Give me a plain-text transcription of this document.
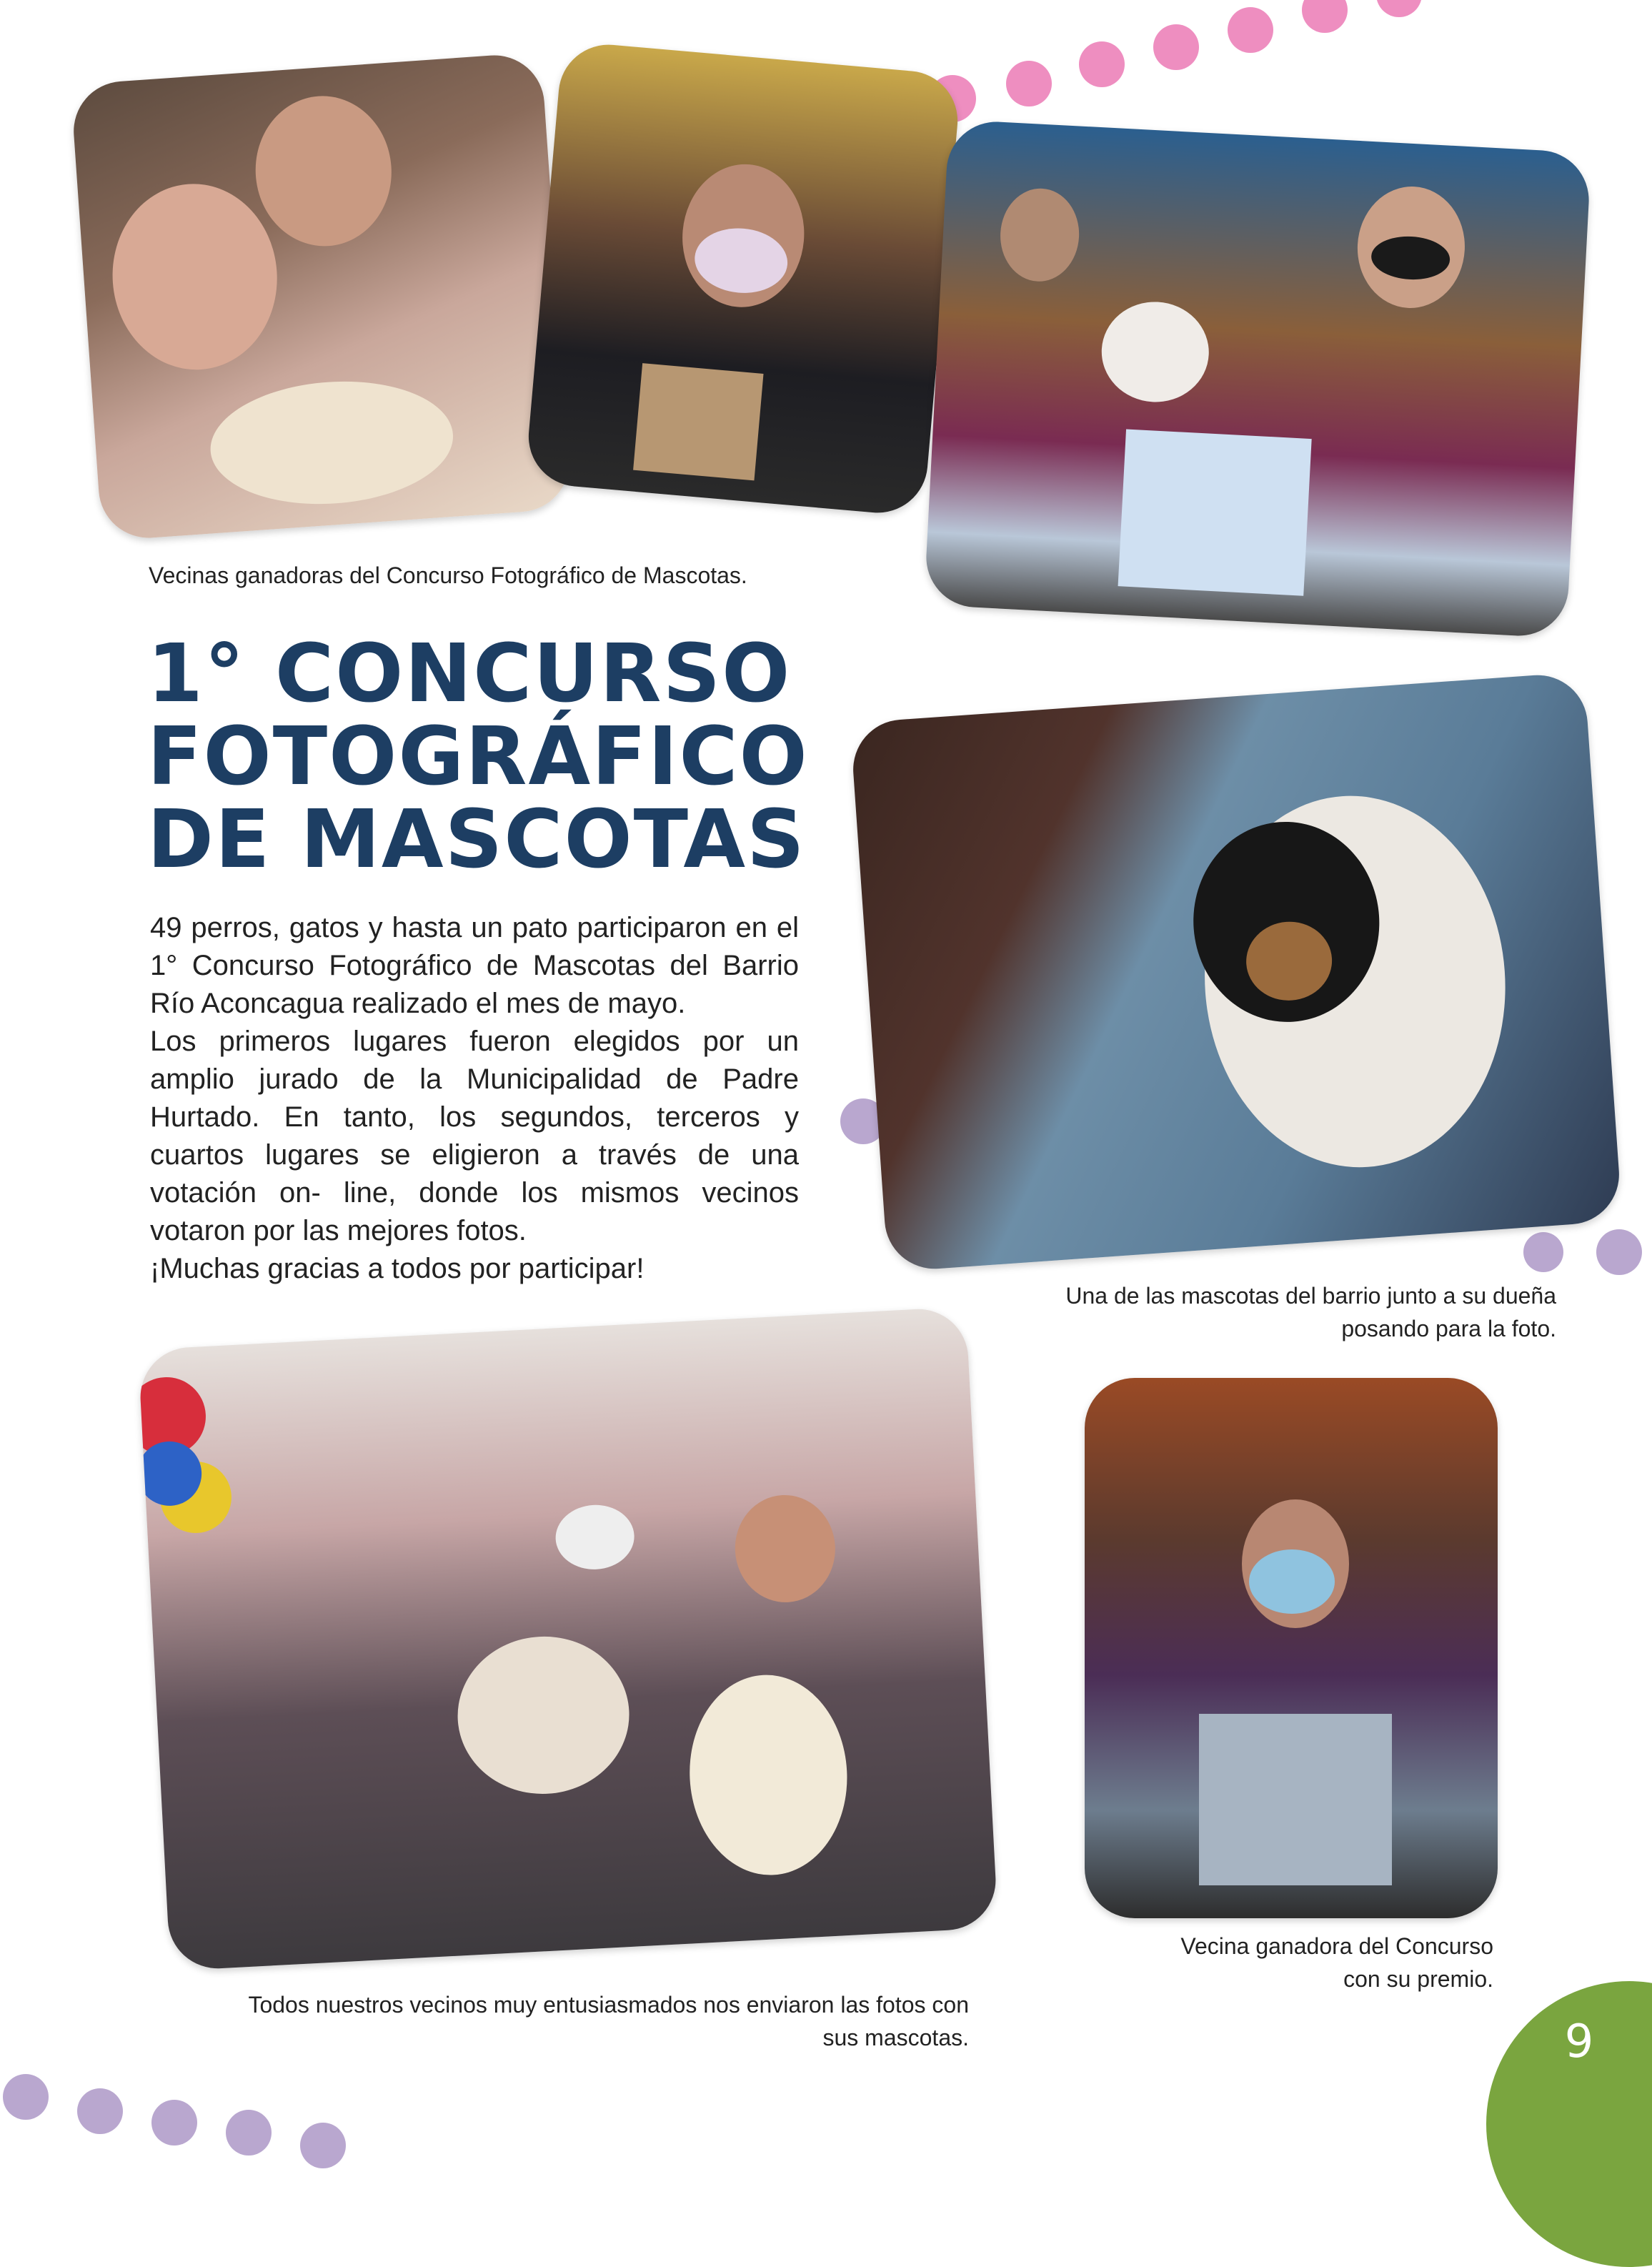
Vecinas ganadoras del Concurso Fotográfico de Mascotas.
Una de las mascotas del barrio junto a su dueña
posando para la foto.
Vecina ganadora del Concurso
con su premio.
Todos nuestros vecinos muy entusiasmados nos enviaron las fotos con
sus mascotas.
1° CONCURSO
FOTOGRÁFICO
DE MASCOTAS

49 perros, gatos y hasta un pato participaron en el 1° Concurso Fotográfico de Mascotas del Barrio Río Aconcagua realizado el mes de mayo.

Los primeros lugares fueron elegidos por un amplio jurado de la Municipalidad de Padre Hurtado. En tanto, los segundos, terceros y cuartos lugares se eligieron a través de una votación on- line, donde los mismos vecinos votaron por las mejores fotos.

¡Muchas gracias a todos por participar!

9
